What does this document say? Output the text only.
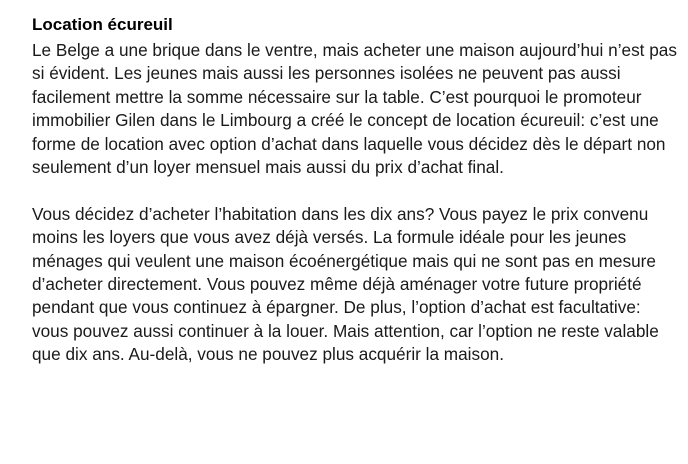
Location écureuil

Le Belge a une brique dans le ventre, mais acheter une maison aujourd’hui n’est pas si évident. Les jeunes mais aussi les personnes isolées ne peuvent pas aussi facilement mettre la somme nécessaire sur la table. C’est pourquoi le promoteur immobilier Gilen dans le Limbourg a créé le concept de location écureuil: c’est une forme de location avec option d’achat dans laquelle vous décidez dès le départ non seulement d’un loyer mensuel mais aussi du prix d’achat final.

Vous décidez d’acheter l’habitation dans les dix ans? Vous payez le prix convenu moins les loyers que vous avez déjà versés. La formule idéale pour les jeunes ménages qui veulent une maison écoénergétique mais qui ne sont pas en mesure d’acheter directement. Vous pouvez même déjà aménager votre future propriété pendant que vous continuez à épargner. De plus, l’option d’achat est facultative: vous pouvez aussi continuer à la louer. Mais attention, car l’option ne reste valable que dix ans. Au-delà, vous ne pouvez plus acquérir la maison.
